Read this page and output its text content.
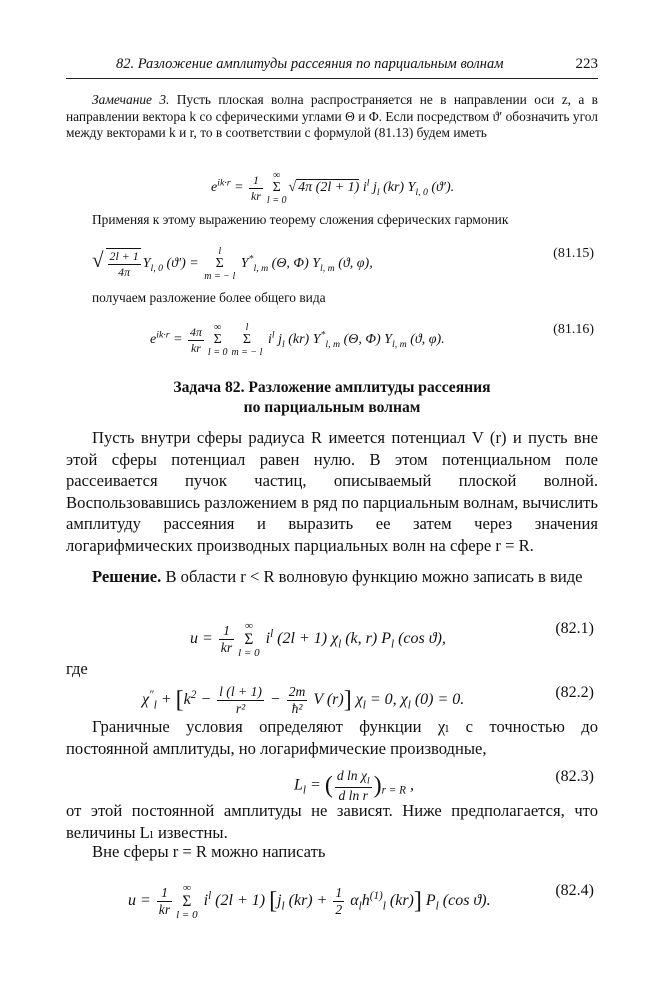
82. Разложение амплитуды рассеяния по парциальным волнам	223
Замечание 3. Пусть плоская волна распространяется не в направлении оси z, а в направлении вектора k со сферическими углами Θ и Φ. Если посредством ϑ′ обозначить угол между векторами k и r, то в соответствии с формулой (81.13) будем иметь
$e^{ik\cdot r} = \frac{1}{kr}$	∞
Σ
l = 0
√ 4π (2l + 1) $i^l$ $j_l$ (kr) $Y_{l, 0}$ (ϑ′).
Применяя к этому выражению теорему сложения сферических гармоник
√ $\frac{2l + 1}{4\pi} Y_{l, 0}$ (ϑ′) =
l
Σ
m = − l
$Y^*_{l, m}$ (Θ, Φ) $Y_{l, m}$ (ϑ, φ),
(81.15)
получаем разложение более общего вида
$e^{ik\cdot r} = \frac{4\pi}{kr}$	∞
Σ
l = 0
l
Σ
m = − l
$i^l$ $j_l$ (kr) $Y^*_{l, m}$ (Θ, Φ) $Y_{l, m}$ (ϑ, φ).
(81.16)
Задача 82. Разложение амплитуды рассеяния
по парциальным волнам
Пусть внутри сферы радиуса R имеется потенциал V (r) и пусть вне этой сферы потенциал равен нулю. В этом потенциальном поле рассеивается пучок частиц, описываемый плоской волной. Воспользовавшись разложением в ряд по парциальным волнам, вычислить амплитуду рассеяния и выразить ее затем через значения логарифмических производных парциальных волн на сфере r = R.
Решение. В области r < R волновую функцию можно записать в виде
$u = \frac{1}{kr}$ ∞
Σ
l = 0
$i^l$ (2l + 1) $\chi_l$ (k, r) $P_l$ (cos ϑ),
(82.1)
где
$\chi''_l + [k^2 - \frac{l (l + 1)}{\text{r²}} - \frac{2m}{\text{ħ²}}$ V (r)] $\chi_l = 0$, $\chi_l$ (0) = 0.	(82.2)
Граничные условия определяют функции χₗ с точностью до постоянной амплитуды, но логарифмические производные,
$L_l$ = ( $\frac{d \ln \chi_l}{\text{d ln r}} )_{r = R}$ ,
(82.3)
от этой постоянной амплитуды не зависят. Ниже предполагается, что величины Lₗ известны.
Вне сферы r = R можно написать
$u = \frac{1}{kr}$ ∞
Σ
l = 0
$i^l$ (2l + 1) [$j_l$ $(kr) + \frac{1}{2} \alpha_lh^{(1)}_l$ (kr)] $P_l$ (cos ϑ).
(82.4)
